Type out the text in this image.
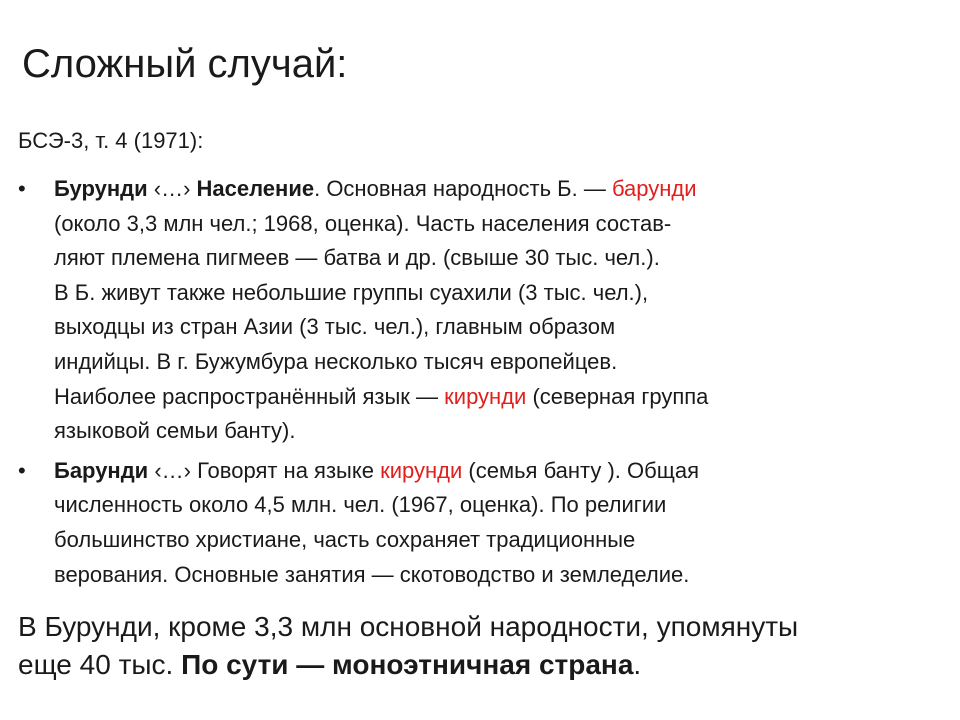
Сложный случай:
БСЭ-3, т. 4 (1971):
• Бурунди ‹…› Население. Основная народность Б. — барунди
(около 3,3 млн чел.; 1968, оценка). Часть населения состав-
ляют племена пигмеев — батва и др. (свыше 30 тыс. чел.).
В Б. живут также небольшие группы суахили (3 тыс. чел.),
выходцы из стран Азии (3 тыс. чел.), главным образом
индийцы. В г. Бужумбура несколько тысяч европейцев.
Наиболее распространённый язык — кирунди (северная группа
языковой семьи банту).
• Барунди ‹…› Говорят на языке кирунди (семья банту ). Общая
численность около 4,5 млн. чел. (1967, оценка). По религии
большинство христиане, часть сохраняет традиционные
верования. Основные занятия — скотоводство и земледелие.
В Бурунди, кроме 3,3 млн основной народности, упомянуты
еще 40 тыс. По сути — моноэтничная страна.
